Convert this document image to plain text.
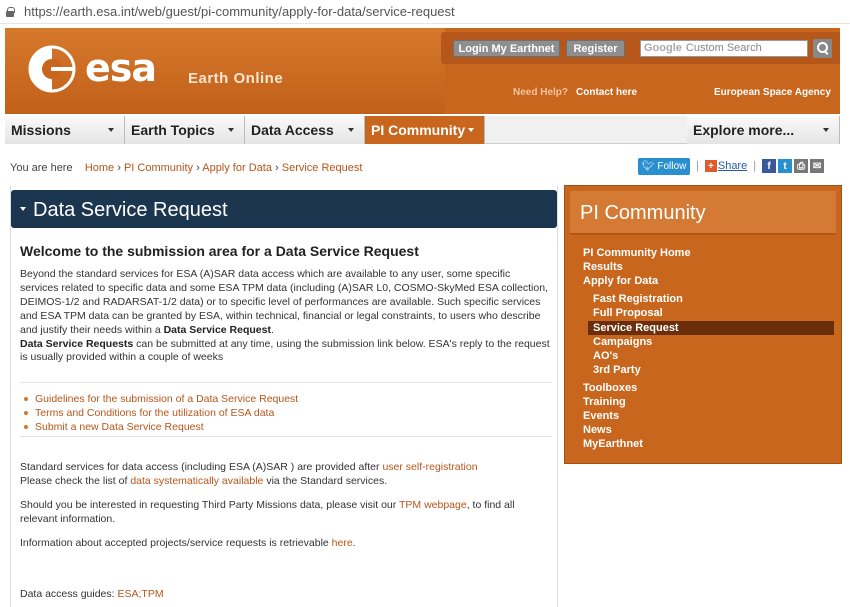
https://earth.esa.int/web/guest/pi-community/apply-for-data/service-request
esa Earth Online
Login My Earthnet	Register	Google Custom Search
Need Help? Contact here	European Space Agency
Missions	Earth Topics	Data Access	PI Community	Explore more...
You are here Home › PI Community › Apply for Data › Service Request	🐦︎ Follow | + Share |	f	t	⎙ ✉
Data Service Request
Welcome to the submission area for a Data Service Request
Beyond the standard services for ESA (A)SAR data access which are available to any user, some specific services related to specific data and some ESA TPM data (including (A)SAR L0, COSMO-SkyMed ESA collection, DEIMOS-1/2 and RADARSAT-1/2 data) or to specific level of performances are available. Such specific services and ESA TPM data can be granted by ESA, within technical, financial or legal constraints, to users who describe and justify their needs within a Data Service Request.
Data Service Requests can be submitted at any time, using the submission link below. ESA's reply to the request is usually provided within a couple of weeks
Guidelines for the submission of a Data Service Request
Terms and Conditions for the utilization of ESA data
Submit a new Data Service Request
Standard services for data access (including ESA (A)SAR ) are provided after user self-registration
Please check the list of data systematically available via the Standard services.
Should you be interested in requesting Third Party Missions data, please visit our TPM webpage, to find all relevant information.
Information about accepted projects/service requests is retrievable here.
Data access guides: ESA;TPM
PI Community
PI Community Home
Results
Apply for Data
Fast Registration
Full Proposal
Service Request
Campaigns
AO's
3rd Party
Toolboxes
Training
Events
News
MyEarthnet
